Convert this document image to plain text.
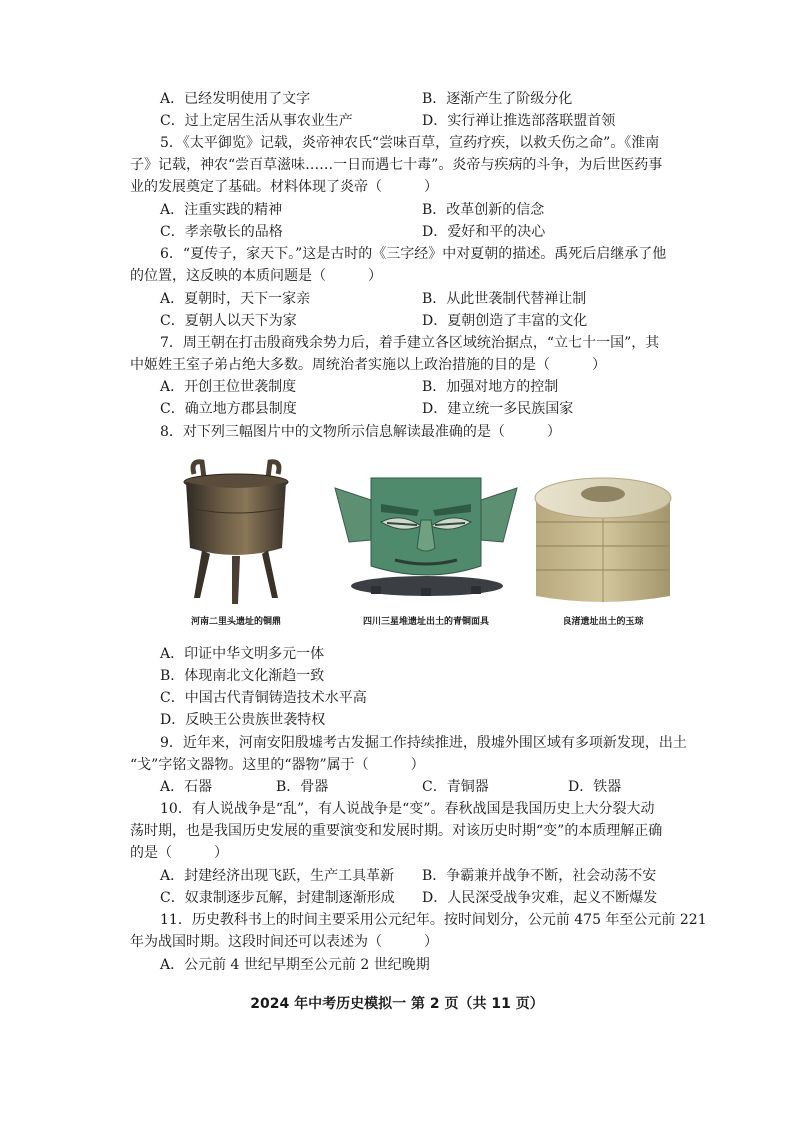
A．已经发明使用了文字	B．逐渐产生了阶级分化
C．过上定居生活从事农业生产	D．实行禅让推选部落联盟首领
5．《太平御览》记载，炎帝神农氏“尝味百草，宣药疗疾，以救夭伤之命”。《淮南
子》记载，神农“尝百草滋味……一日而遇七十毒”。炎帝与疾病的斗争，为后世医药事
业的发展奠定了基础。材料体现了炎帝（　　　）
A．注重实践的精神	B．改革创新的信念
C．孝亲敬长的品格	D．爱好和平的决心
6．“夏传子，家天下。”这是古时的《三字经》中对夏朝的描述。禹死后启继承了他
的位置，这反映的本质问题是（　　　）
A．夏朝时，天下一家亲	B．从此世袭制代替禅让制
C．夏朝人以天下为家	D．夏朝创造了丰富的文化
7．周王朝在打击殷商残余势力后，着手建立各区域统治据点，“立七十一国”，其
中姬姓王室子弟占绝大多数。周统治者实施以上政治措施的目的是（　　　）
A．开创王位世袭制度	B．加强对地方的控制
C．确立地方郡县制度	D．建立统一多民族国家
8．对下列三幅图片中的文物所示信息解读最准确的是（　　　）
河南二里头遗址的铜鼎	四川三星堆遗址出土的青铜面具	良渚遗址出土的玉琮
A．印证中华文明多元一体
B．体现南北文化渐趋一致
C．中国古代青铜铸造技术水平高
D．反映王公贵族世袭特权
9．近年来，河南安阳殷墟考古发掘工作持续推进，殷墟外围区域有多项新发现，出土
“戈”字铭文器物。这里的“器物”属于（　　　）
A．石器	B．骨器	C．青铜器	D．铁器
10．有人说战争是“乱”，有人说战争是“变”。春秋战国是我国历史上大分裂大动
荡时期，也是我国历史发展的重要演变和发展时期。对该历史时期“变”的本质理解正确
的是（　　　）
A．封建经济出现飞跃，生产工具革新 B．争霸兼并战争不断，社会动荡不安
C．奴隶制逐步瓦解，封建制逐渐形成 D．人民深受战争灾难，起义不断爆发
11．历史教科书上的时间主要采用公元纪年。按时间划分，公元前 475 年至公元前 221
年为战国时期。这段时间还可以表述为（　　　）
A．公元前 4 世纪早期至公元前 2 世纪晚期
2024 年中考历史模拟一 第 2 页（共 11 页）
